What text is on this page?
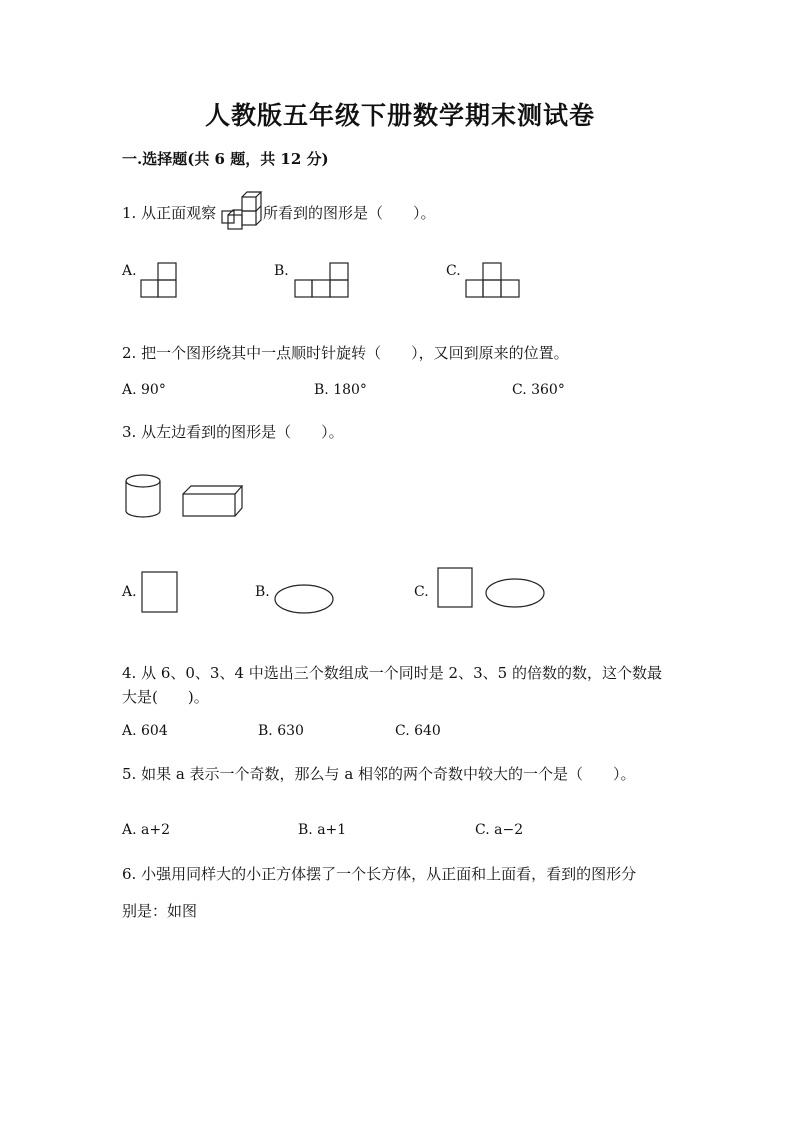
人教版五年级下册数学期末测试卷
一.选择题(共 6 题，共 12 分)
1. 从正面观察	所看到的图形是（　　）。
A.	B.	C.
2. 把一个图形绕其中一点顺时针旋转（　　），又回到原来的位置。
A. 90°	B. 180°	C. 360°
3. 从左边看到的图形是（　　）。
A.	B.	C.
4. 从 6、0、3、4 中选出三个数组成一个同时是 2、3、5 的倍数的数，这个数最
大是(　　)。
A. 604	B. 630	C. 640
5. 如果 a 表示一个奇数，那么与 a 相邻的两个奇数中较大的一个是（　　）。
A. a+2	B. a+1	C. a−2
6. 小强用同样大的小正方体摆了一个长方体，从正面和上面看，看到的图形分
别是：如图
